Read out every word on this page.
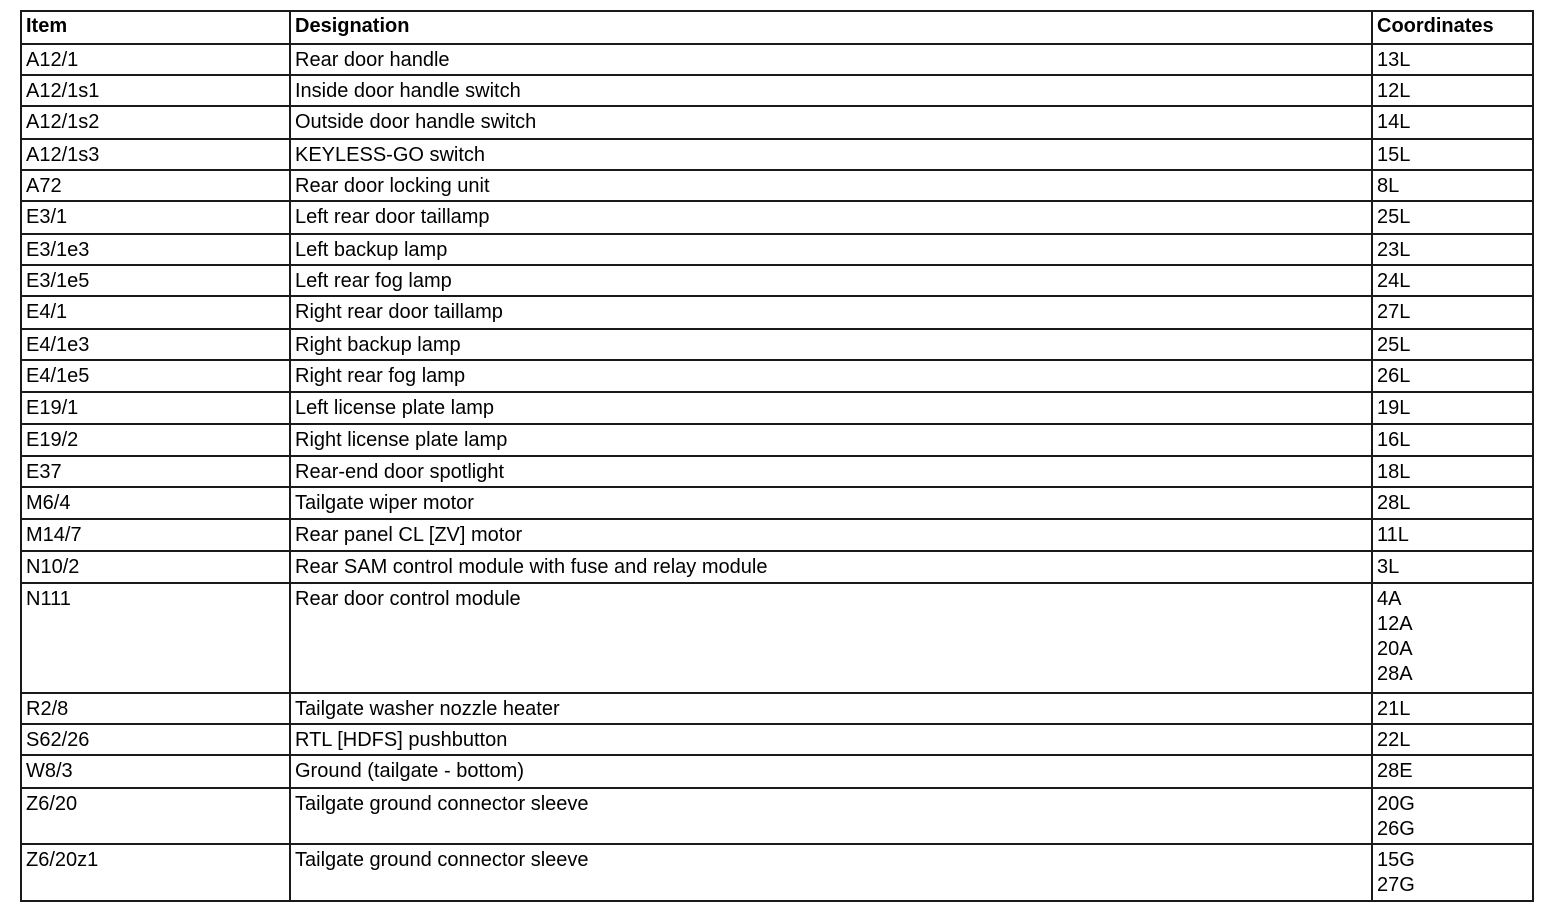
Item	Designation	Coordinates
A12/1	Rear door handle	13L

A12/1s1	Inside door handle switch	12L

A12/1s2	Outside door handle switch	14L

A12/1s3	KEYLESS-GO switch	15L

A72	Rear door locking unit	8L

E3/1	Left rear door taillamp	25L

E3/1e3	Left backup lamp	23L

E3/1e5	Left rear fog lamp	24L

E4/1	Right rear door taillamp	27L

E4/1e3	Right backup lamp	25L

E4/1e5	Right rear fog lamp	26L

E19/1	Left license plate lamp	19L

E19/2	Right license plate lamp	16L

E37	Rear-end door spotlight	18L

M6/4	Tailgate wiper motor	28L

M14/7	Rear panel CL [ZV] motor	11L

N10/2	Rear SAM control module with fuse and relay module	3L

N111	Rear door control module	4A
12A
20A
28A

R2/8	Tailgate washer nozzle heater	21L

S62/26	RTL [HDFS] pushbutton	22L

W8/3	Ground (tailgate - bottom)	28E

Z6/20	Tailgate ground connector sleeve	20G
26G

Z6/20z1	Tailgate ground connector sleeve	15G
27G
